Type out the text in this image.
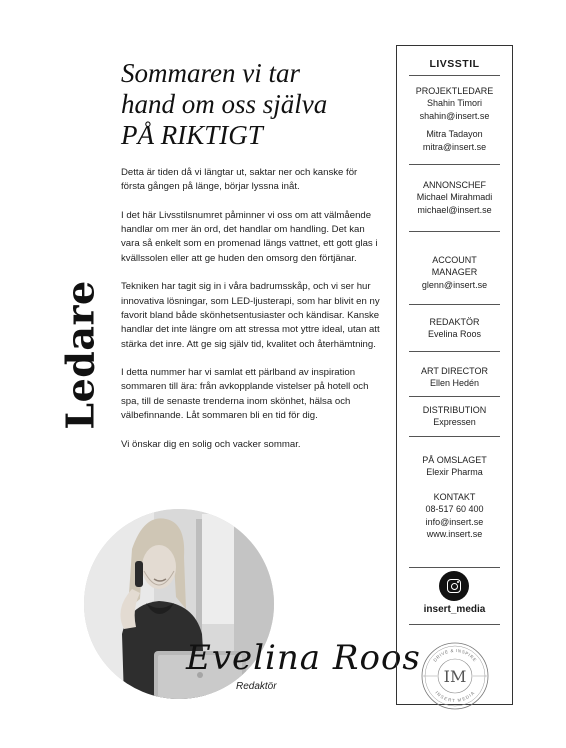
Ledare
Sommaren vi tar
hand om oss själva
PÅ RIKTIGT

Detta är tiden då vi längtar ut, saktar ner och kanske för första gången på länge, börjar lyssna inåt.

I det här Livsstilsnumret påminner vi oss om att välmående handlar om mer än ord, det handlar om handling. Det kan vara så enkelt som en promenad längs vattnet, ett gott glas i kvällssolen eller att ge huden den omsorg den förtjänar.

Tekniken har tagit sig in i våra badrumsskåp, och vi ser hur innovativa lösningar, som LED-ljusterapi, som har blivit en ny favorit bland både skönhetsentusiaster och kändisar. Kanske handlar det inte längre om att stressa mot yttre ideal, utan att stärka det inre. Att ge sig själv tid, kvalitet och återhämtning.

I detta nummer har vi samlat ett pärlband av inspiration sommaren till ära: från avkopplande vistelser på hotell och spa, till de senaste trenderna inom skönhet, hälsa och välbefinnande. Låt sommaren bli en tid för dig.

Vi önskar dig en solig och vacker sommar.

Evelina Roos
Redaktör
LIVSSTIL
PROJEKTLEDARE
Shahin Timori
shahin@insert.se
Mitra Tadayon
mitra@insert.se
ANNONSCHEF
Michael Mirahmadi
michael@insert.se
ACCOUNT
MANAGER
glenn@insert.se
REDAKTÖR
Evelina Roos
ART DIRECTOR
Ellen Hedén
DISTRIBUTION
Expressen
PÅ OMSLAGET
Elexir Pharma
KONTAKT
08-517 60 400
info@insert.se
www.insert.se
insert_media
DRIVE & INSPIRE
INSERT MEDIA
IM
